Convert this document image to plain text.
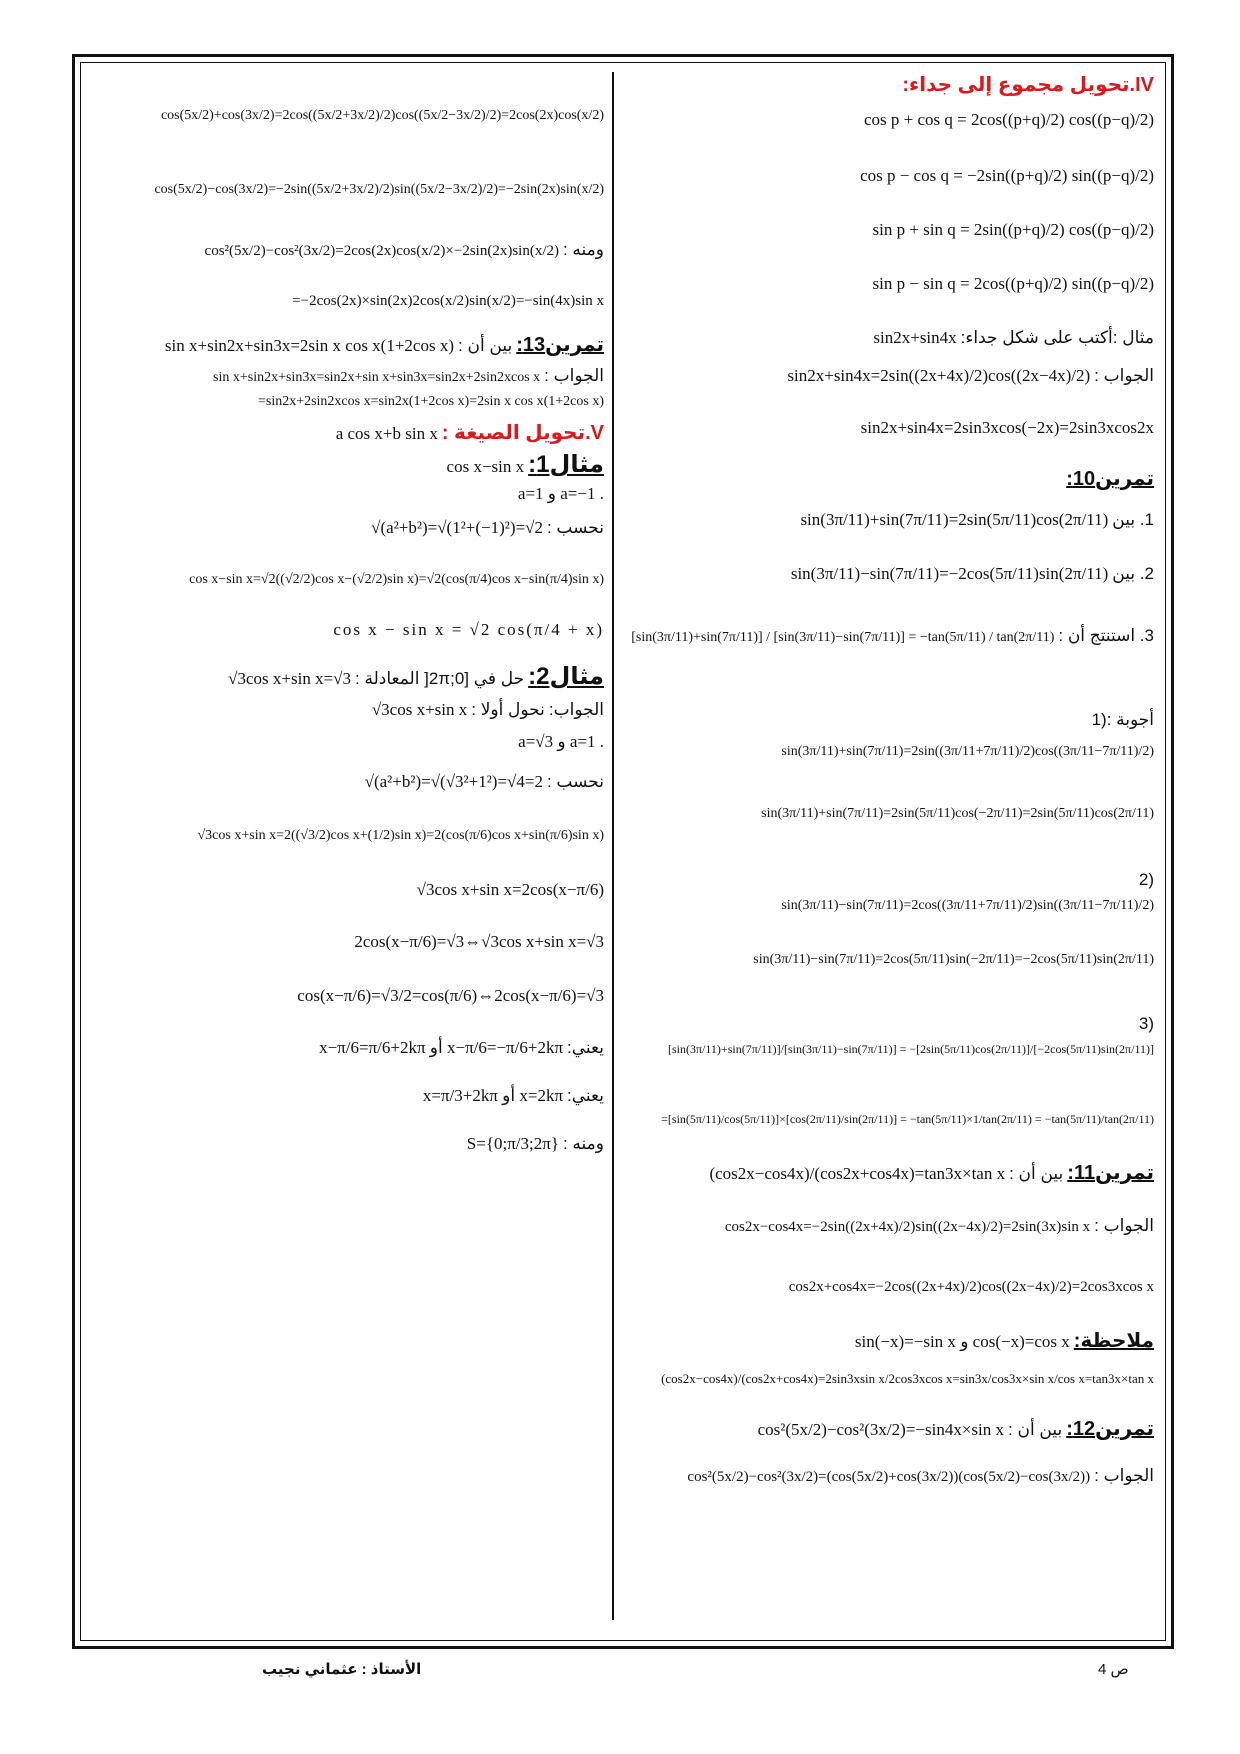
IV.تحويل مجموع إلى جداء:
cos p + cos q = 2cos((p+q)/2) cos((p−q)/2)
cos p − cos q = −2sin((p+q)/2) sin((p−q)/2)
sin p + sin q = 2sin((p+q)/2) cos((p−q)/2)
sin p − sin q = 2cos((p+q)/2) sin((p−q)/2)
مثال :أكتب على شكل جداء: sin2x+sin4x
الجواب : sin2x+sin4x=2sin((2x+4x)/2)cos((2x−4x)/2)
sin2x+sin4x=2sin3xcos(−2x)=2sin3xcos2x
تمرين10:
1. بين sin(3π/11)+sin(7π/11)=2sin(5π/11)cos(2π/11)
2. بين sin(3π/11)−sin(7π/11)=−2cos(5π/11)sin(2π/11)
3. استنتج أن : [sin(3π/11)+sin(7π/11)] / [sin(3π/11)−sin(7π/11)] = −tan(5π/11) / tan(2π/11)
أجوبة :(1
sin(3π/11)+sin(7π/11)=2sin((3π/11+7π/11)/2)cos((3π/11−7π/11)/2)
sin(3π/11)+sin(7π/11)=2sin(5π/11)cos(−2π/11)=2sin(5π/11)cos(2π/11)
(2
sin(3π/11)−sin(7π/11)=2cos((3π/11+7π/11)/2)sin((3π/11−7π/11)/2)
sin(3π/11)−sin(7π/11)=2cos(5π/11)sin(−2π/11)=−2cos(5π/11)sin(2π/11)
(3
[sin(3π/11)+sin(7π/11)]/[sin(3π/11)−sin(7π/11)] = −[2sin(5π/11)cos(2π/11)]/[−2cos(5π/11)sin(2π/11)]
=[sin(5π/11)/cos(5π/11)]×[cos(2π/11)/sin(2π/11)] = −tan(5π/11)×1/tan(2π/11) = −tan(5π/11)/tan(2π/11)
تمرين11: بين أن : (cos2x−cos4x)/(cos2x+cos4x)=tan3x×tan x
الجواب : cos2x−cos4x=−2sin((2x+4x)/2)sin((2x−4x)/2)=2sin(3x)sin x
cos2x+cos4x=−2cos((2x+4x)/2)cos((2x−4x)/2)=2cos3xcos x
ملاحظة: sin(−x)=−sin x و cos(−x)=cos x
(cos2x−cos4x)/(cos2x+cos4x)=2sin3xsin x/2cos3xcos x=sin3x/cos3x×sin x/cos x=tan3x×tan x
تمرين12: بين أن : cos²(5x/2)−cos²(3x/2)=−sin4x×sin x
الجواب : cos²(5x/2)−cos²(3x/2)=(cos(5x/2)+cos(3x/2))(cos(5x/2)−cos(3x/2))
cos(5x/2)+cos(3x/2)=2cos((5x/2+3x/2)/2)cos((5x/2−3x/2)/2)=2cos(2x)cos(x/2)
cos(5x/2)−cos(3x/2)=−2sin((5x/2+3x/2)/2)sin((5x/2−3x/2)/2)=−2sin(2x)sin(x/2)
ومنه : cos²(5x/2)−cos²(3x/2)=2cos(2x)cos(x/2)×−2sin(2x)sin(x/2)
=−2cos(2x)×sin(2x)2cos(x/2)sin(x/2)=−sin(4x)sin x
تمرين13: بين أن : sin x+sin2x+sin3x=2sin x cos x(1+2cos x)
الجواب : sin x+sin2x+sin3x=sin2x+sin x+sin3x=sin2x+2sin2xcos x
=sin2x+2sin2xcos x=sin2x(1+2cos x)=2sin x cos x(1+2cos x)
V.تحويل الصيغة : a cos x+b sin x
مثال1: cos x−sin x
a=1 و a=−1 .
نحسب : √(a²+b²)=√(1²+(−1)²)=√2
cos x−sin x=√2((√2/2)cos x−(√2/2)sin x)=√2(cos(π/4)cos x−sin(π/4)sin x)
cos x − sin x = √2 cos(π/4 + x)
مثال2: حل في [0;2π[ المعادلة : √3cos x+sin x=√3
الجواب: نحول أولا : √3cos x+sin x
a=√3 و a=1 .
نحسب : √(a²+b²)=√(√3²+1²)=√4=2
√3cos x+sin x=2((√3/2)cos x+(1/2)sin x)=2(cos(π/6)cos x+sin(π/6)sin x)
√3cos x+sin x=2cos(x−π/6)
2cos(x−π/6)=√3⇔√3cos x+sin x=√3
cos(x−π/6)=√3/2=cos(π/6)⇔2cos(x−π/6)=√3
يعني: x−π/6=π/6+2kπ أو x−π/6=−π/6+2kπ
يعني: x=π/3+2kπ أو x=2kπ
ومنه : S={0;π/3;2π}
الأستاذ : عثماني نجيب	ص 4
